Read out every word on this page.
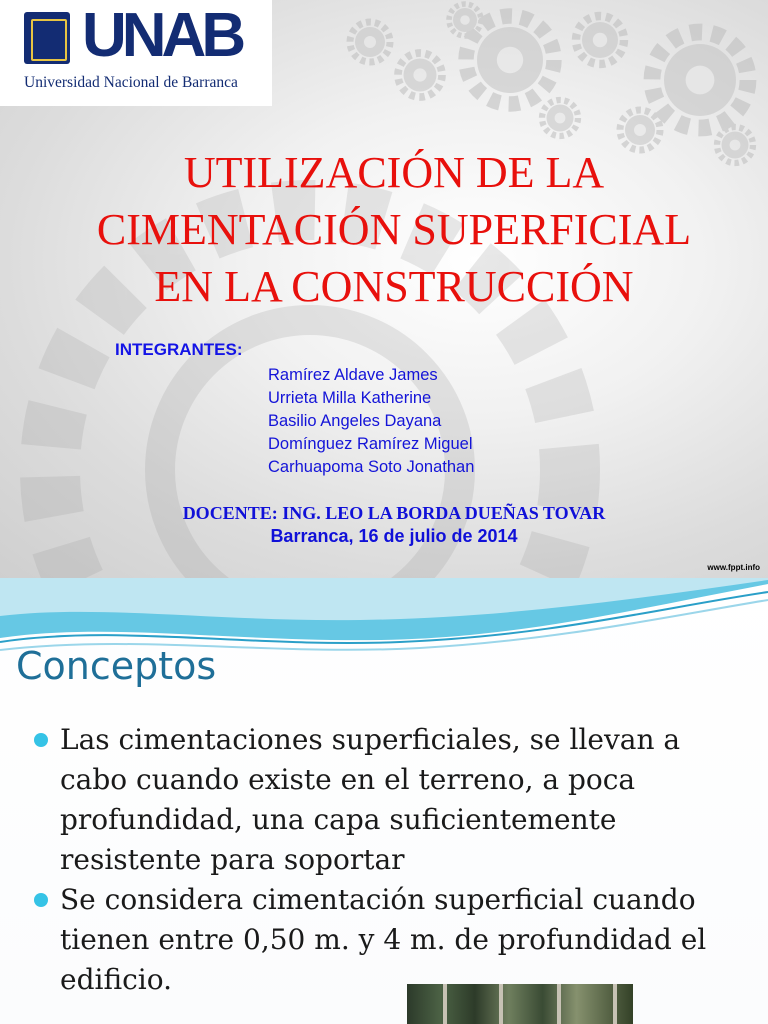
UNAB
Universidad Nacional de Barranca
UTILIZACIÓN DE LA
CIMENTACIÓN SUPERFICIAL
EN LA CONSTRUCCIÓN
INTEGRANTES:
Ramírez Aldave James
Urrieta Milla Katherine
Basilio Angeles Dayana
Domínguez Ramírez Miguel
Carhuapoma Soto Jonathan
DOCENTE: ING. LEO LA BORDA DUEÑAS TOVAR
Barranca, 16 de julio de 2014
www.fppt.info
Conceptos
Las cimentaciones superficiales, se llevan a cabo cuando existe en el terreno, a poca profundidad, una capa suficientemente resistente para soportar
Se considera cimentación superficial cuando tienen entre 0,50 m. y 4 m. de profundidad el edificio.
